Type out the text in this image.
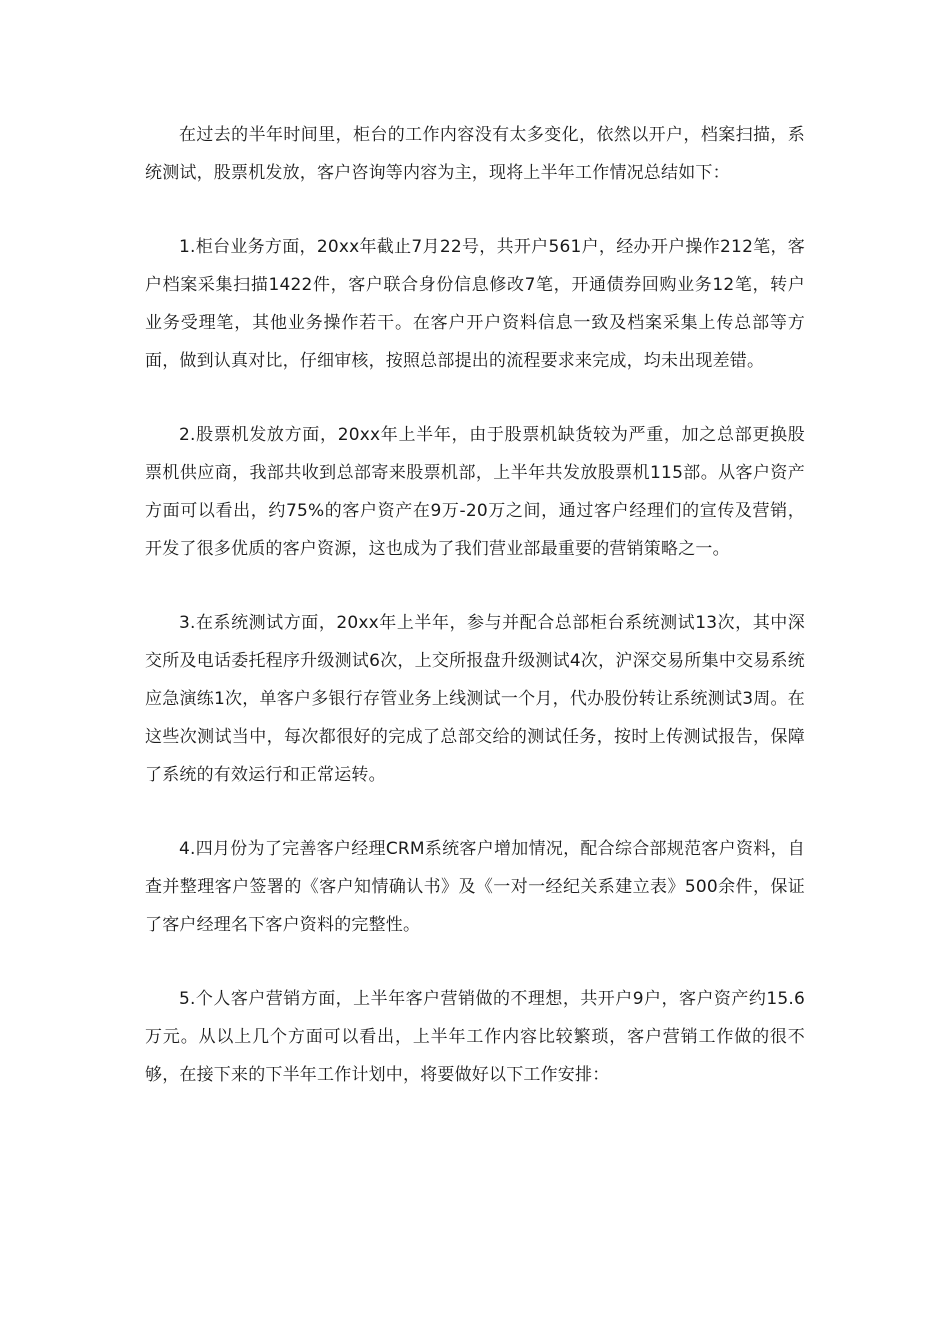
在过去的半年时间里，柜台的工作内容没有太多变化，依然以开户，档案扫描，系统测试，股票机发放，客户咨询等内容为主，现将上半年工作情况总结如下：

1.柜台业务方面，20xx年截止7月22号，共开户561户，经办开户操作212笔，客户档案采集扫描1422件，客户联合身份信息修改7笔，开通债券回购业务12笔，转户业务受理笔，其他业务操作若干。在客户开户资料信息一致及档案采集上传总部等方面，做到认真对比，仔细审核，按照总部提出的流程要求来完成，均未出现差错。

2.股票机发放方面，20xx年上半年，由于股票机缺货较为严重，加之总部更换股票机供应商，我部共收到总部寄来股票机部，上半年共发放股票机115部。从客户资产方面可以看出，约75%的客户资产在9万-20万之间，通过客户经理们的宣传及营销，开发了很多优质的客户资源，这也成为了我们营业部最重要的营销策略之一。

3.在系统测试方面，20xx年上半年，参与并配合总部柜台系统测试13次，其中深交所及电话委托程序升级测试6次，上交所报盘升级测试4次，沪深交易所集中交易系统应急演练1次，单客户多银行存管业务上线测试一个月，代办股份转让系统测试3周。在这些次测试当中，每次都很好的完成了总部交给的测试任务，按时上传测试报告，保障了系统的有效运行和正常运转。

4.四月份为了完善客户经理CRM系统客户增加情况，配合综合部规范客户资料，自查并整理客户签署的《客户知情确认书》及《一对一经纪关系建立表》500余件，保证了客户经理名下客户资料的完整性。

5.个人客户营销方面，上半年客户营销做的不理想，共开户9户，客户资产约15.6万元。从以上几个方面可以看出，上半年工作内容比较繁琐，客户营销工作做的很不够，在接下来的下半年工作计划中，将要做好以下工作安排：
